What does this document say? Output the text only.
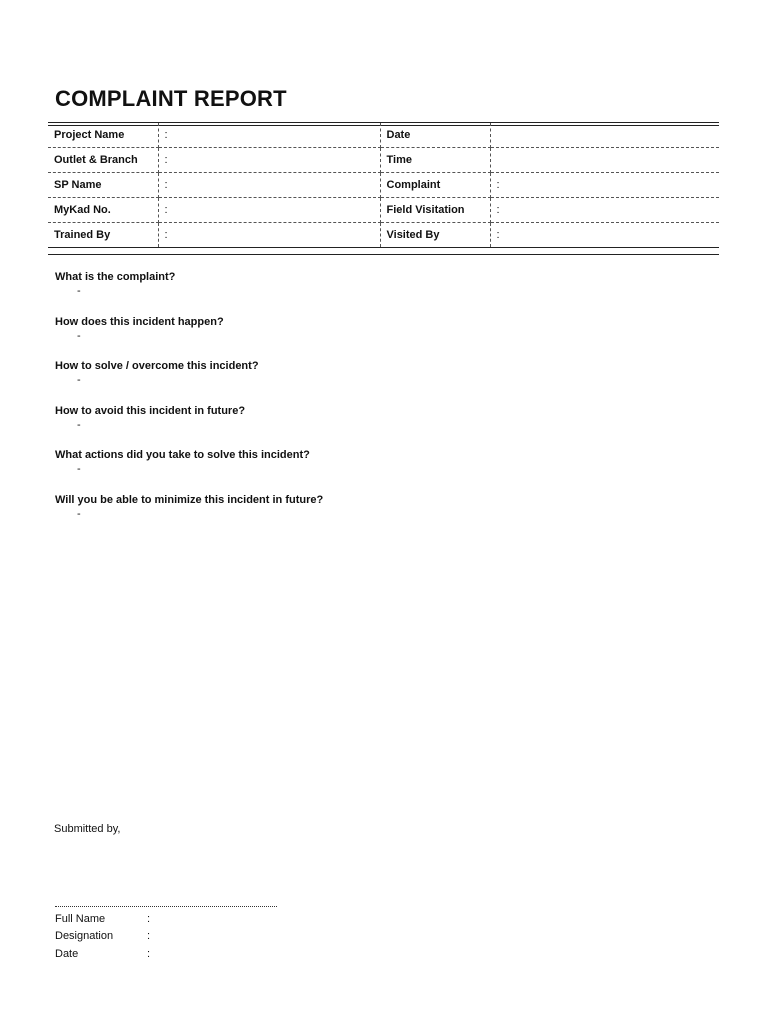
COMPLAINT REPORT
Project Name	:	Date	
Outlet & Branch	:	Time	
SP Name	:	Complaint	:
MyKad No.	:	Field Visitation	:
Trained By	:	Visited By	:
What is the complaint?
-
How does this incident happen?
-
How to solve / overcome this incident?
-
How to avoid this incident in future?
-
What actions did you take to solve this incident?
-
Will you be able to minimize this incident in future?
-
Submitted by,
Full Name	:
Designation	:
Date	:
